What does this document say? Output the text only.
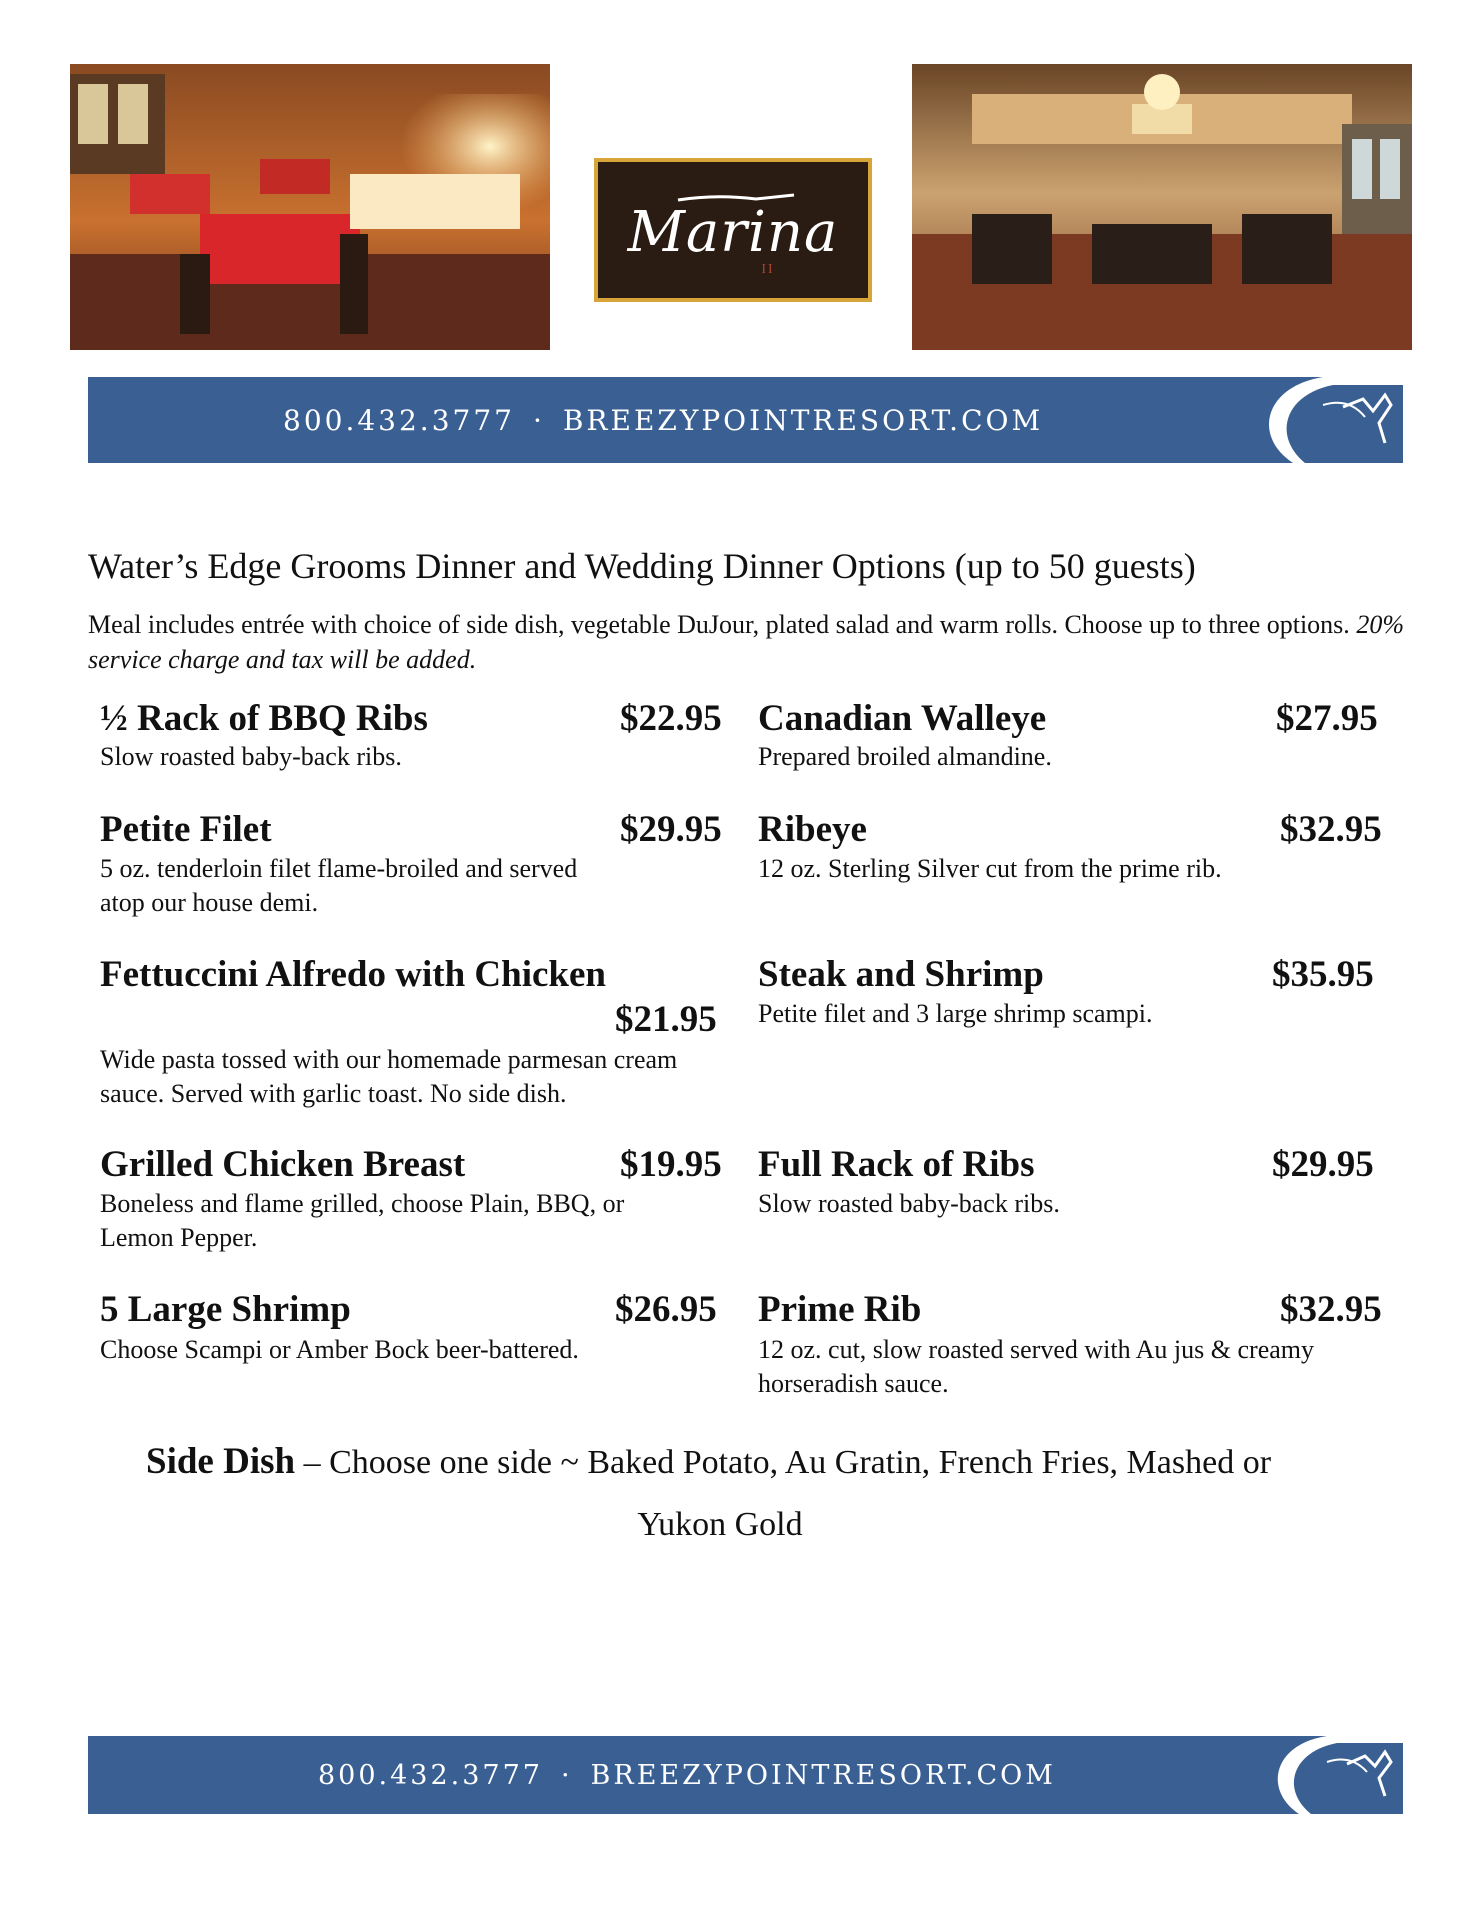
Marina
II
800.432.3777 · BREEZYPOINTRESORT.COM
Water’s Edge Grooms Dinner and Wedding Dinner Options (up to 50 guests)
Meal includes entrée with choice of side dish, vegetable DuJour, plated salad and warm rolls. Choose up to three options. 20% service charge and tax will be added.
½ Rack of BBQ Ribs	$22.95
Slow roasted baby-back ribs.
Petite Filet	$29.95
5 oz. tenderloin filet flame-broiled and served
atop our house demi.
Fettuccini Alfredo with Chicken
$21.95
Wide pasta tossed with our homemade parmesan cream sauce. Served with garlic toast. No side dish.
Grilled Chicken Breast	$19.95
Boneless and flame grilled, choose Plain, BBQ, or Lemon Pepper.
5 Large Shrimp	$26.95
Choose Scampi or Amber Bock beer-battered.
Canadian Walleye	$27.95
Prepared broiled almandine.
Ribeye	$32.95
12 oz. Sterling Silver cut from the prime rib.
Steak and Shrimp	$35.95
Petite filet and 3 large shrimp scampi.
Full Rack of Ribs	$29.95
Slow roasted baby-back ribs.
Prime Rib	$32.95
12 oz. cut, slow roasted served with Au jus & creamy horseradish sauce.
Side Dish – Choose one side ~ Baked Potato, Au Gratin, French Fries, Mashed or
Yukon Gold
800.432.3777 · BREEZYPOINTRESORT.COM
